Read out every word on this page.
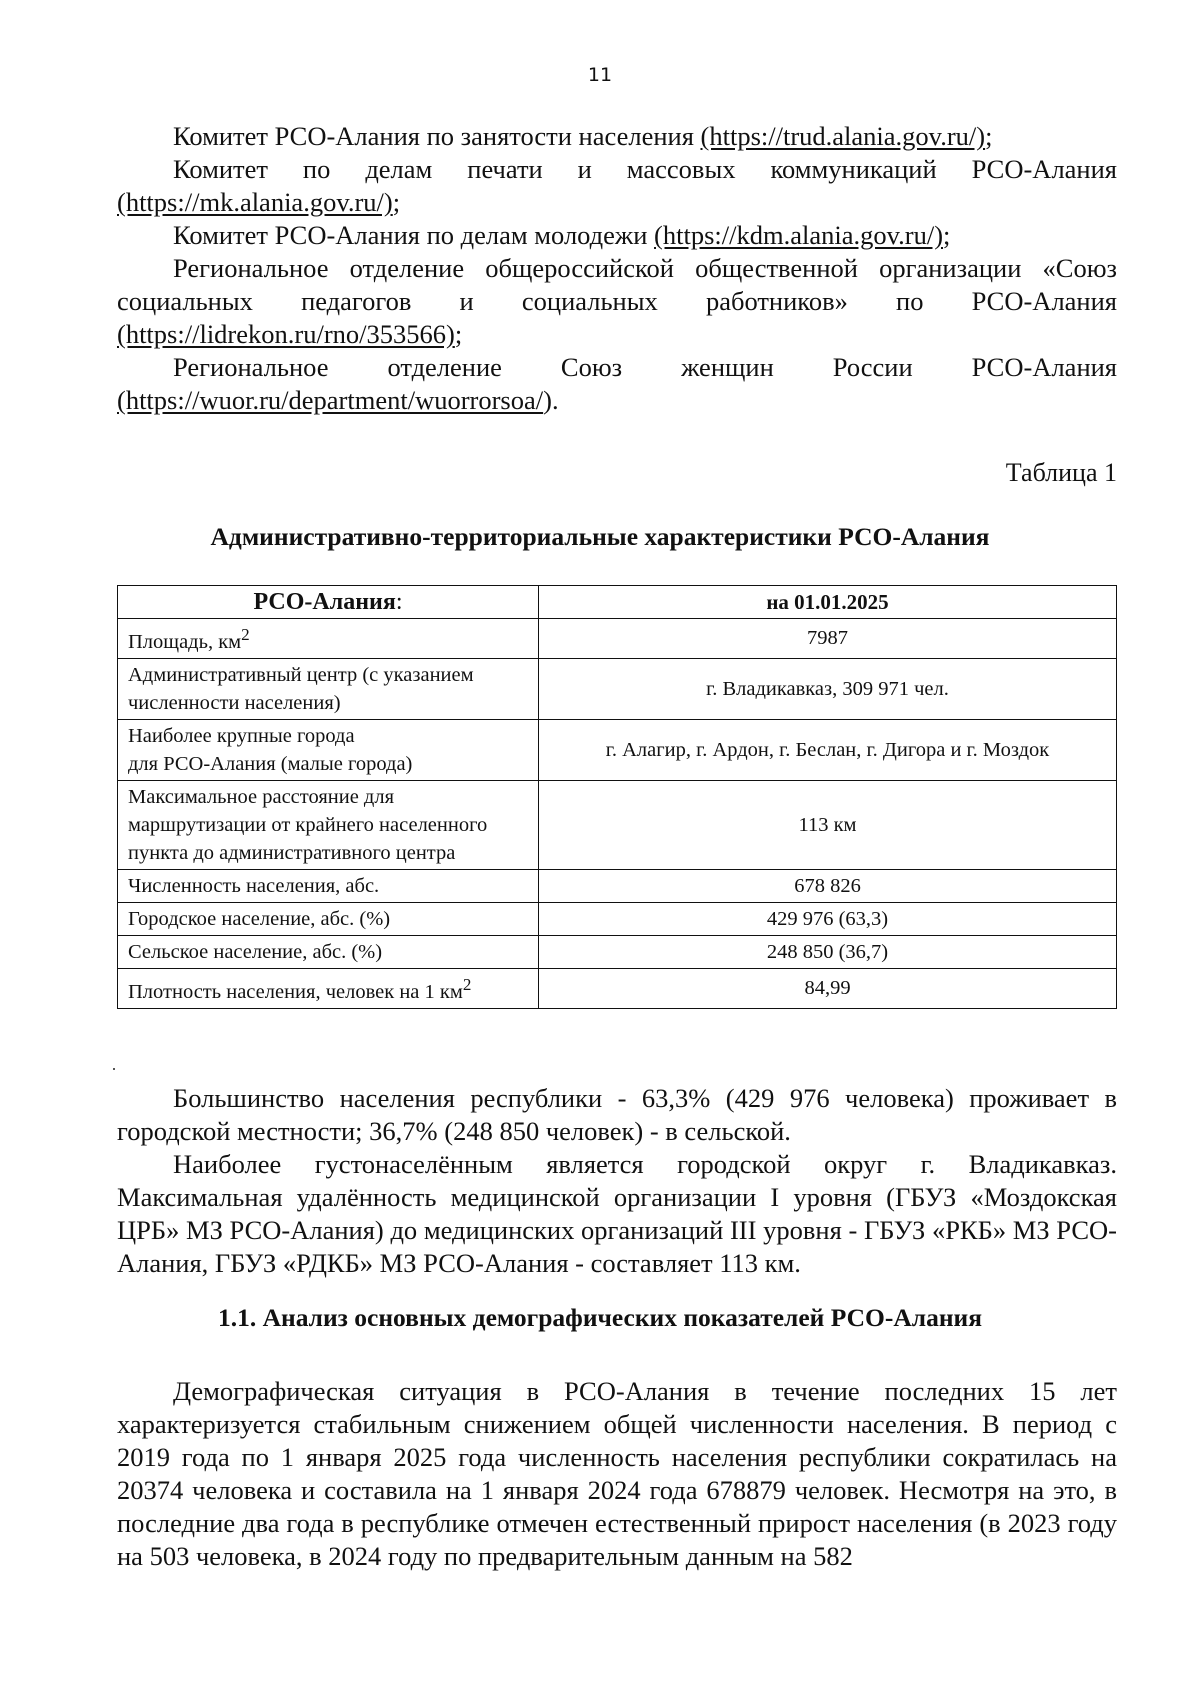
11

Комитет РСО-Алания по занятости населения (https://trud.alania.gov.ru/);

Комитет по делам печати и массовых коммуникаций РСО-Алания (https://mk.alania.gov.ru/);

Комитет РСО-Алания по делам молодежи (https://kdm.alania.gov.ru/);

Региональное отделение общероссийской общественной организации «Союз социальных педагогов и социальных работников» по РСО-Алания (https://lidrekon.ru/rno/353566);

Региональное отделение Союз женщин России РСО-Алания (https://wuor.ru/department/wuorrorsoa/).

Таблица 1
Административно-территориальные характеристики РСО-Алания
РСО-Алания:	на 01.01.2025
Площадь, $км^2$	7987
Административный центр (с указанием численности населения)	г. Владикавказ, 309 971 чел.
Наиболее крупные города
для РСО-Алания (малые города)	г. Алагир, г. Ардон, г. Беслан, г. Дигора и г. Моздок
Максимальное расстояние для маршрутизации от крайнего населенного пункта до административного центра	113 км
Численность населения, абс.	678 826
Городское население, абс. (%)	429 976 (63,3)
Сельское население, абс. (%)	248 850 (36,7)
Плотность населения, человек на 1 $км^2$	84,99

Большинство населения республики - 63,3% (429 976 человека) проживает в городской местности; 36,7% (248 850 человек) - в сельской.

Наиболее густонаселённым является городской округ г. Владикавказ. Максимальная удалённость медицинской организации I уровня (ГБУЗ «Моздокская ЦРБ» МЗ РСО-Алания) до медицинских организаций III уровня - ГБУЗ «РКБ» МЗ РСО-Алания, ГБУЗ «РДКБ» МЗ РСО-Алания - составляет 113 км.

1.1. Анализ основных демографических показателей РСО-Алания

Демографическая ситуация в РСО-Алания в течение последних 15 лет характеризуется стабильным снижением общей численности населения. В период с 2019 года по 1 января 2025 года численность населения республики сократилась на 20374 человека и составила на 1 января 2024 года 678879 человек. Несмотря на это, в последние два года в республике отмечен естественный прирост населения (в 2023 году на 503 человека, в 2024 году по предварительным данным на 582
